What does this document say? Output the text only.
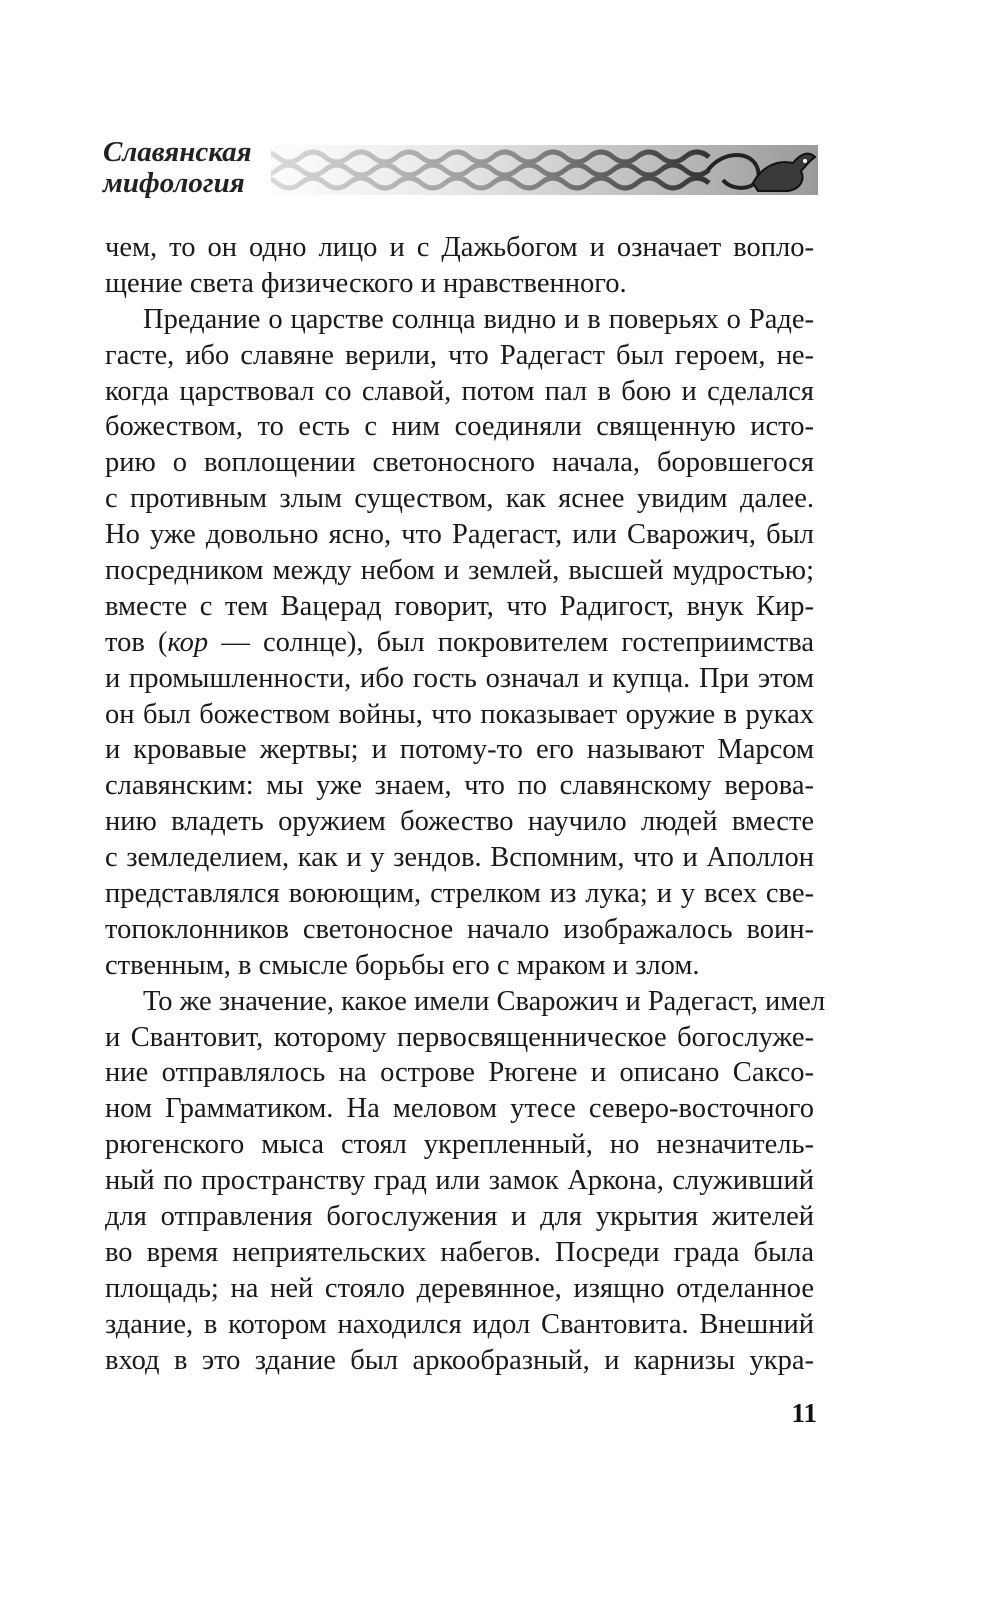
Славянская
мифология
чем, то он одно лицо и с Дажьбогом и означает вопло-
щение света физического и нравственного.
Предание о царстве солнца видно и в поверьях о Раде-
гасте, ибо славяне верили, что Радегаст был героем, не-
когда царствовал со славой, потом пал в бою и сделался
божеством, то есть с ним соединяли священную исто-
рию о воплощении светоносного начала, боровшегося
с противным злым существом, как яснее увидим далее.
Но уже довольно ясно, что Радегаст, или Сварожич, был
посредником между небом и землей, высшей мудростью;
вместе с тем Вацерад говорит, что Радигост, внук Кир-
тов (кор — солнце), был покровителем гостеприимства
и промышленности, ибо гость означал и купца. При этом
он был божеством войны, что показывает оружие в руках
и кровавые жертвы; и потому-то его называют Марсом
славянским: мы уже знаем, что по славянскому верова-
нию владеть оружием божество научило людей вместе
с земледелием, как и у зендов. Вспомним, что и Аполлон
представлялся воюющим, стрелком из лука; и у всех све-
топоклонников светоносное начало изображалось воин-
ственным, в смысле борьбы его с мраком и злом.
То же значение, какое имели Сварожич и Радегаст, имел
и Свантовит, которому первосвященническое богослуже-
ние отправлялось на острове Рюгене и описано Саксо-
ном Грамматиком. На меловом утесе северо-восточного
рюгенского мыса стоял укрепленный, но незначитель-
ный по пространству град или замок Аркона, служивший
для отправления богослужения и для укрытия жителей
во время неприятельских набегов. Посреди града была
площадь; на ней стояло деревянное, изящно отделанное
здание, в котором находился идол Свантовита. Внешний
вход в это здание был аркообразный, и карнизы укра-
11
